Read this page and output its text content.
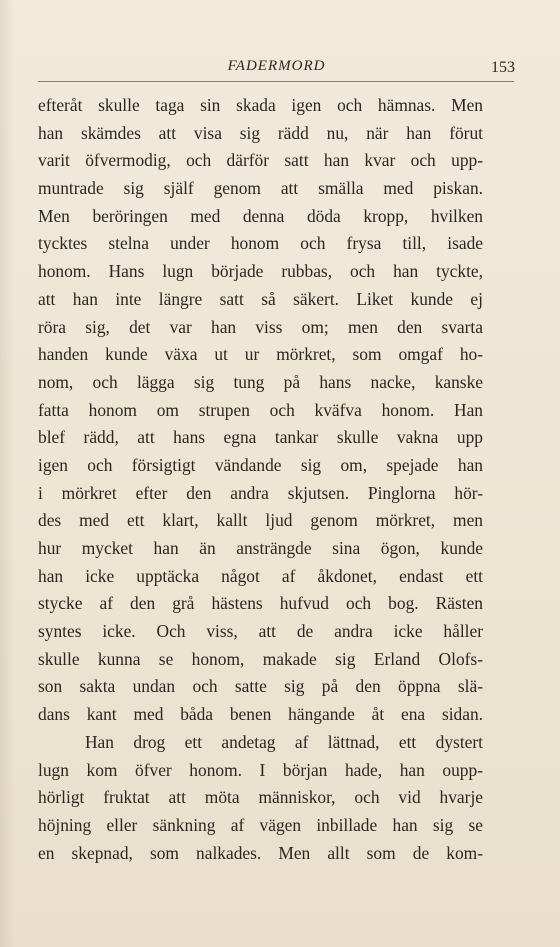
FADERMORD	153
efteråt skulle taga sin skada igen och hämnas. Men
han skämdes att visa sig rädd nu, när han förut
varit öfvermodig, och därför satt han kvar och upp-
muntrade sig själf genom att smälla med piskan.
Men beröringen med denna döda kropp, hvilken
tycktes stelna under honom och frysa till, isade
honom. Hans lugn började rubbas, och han tyckte,
att han inte längre satt så säkert. Liket kunde ej
röra sig, det var han viss om; men den svarta
handen kunde växa ut ur mörkret, som omgaf ho-
nom, och lägga sig tung på hans nacke, kanske
fatta honom om strupen och kväfva honom. Han
blef rädd, att hans egna tankar skulle vakna upp
igen och försigtigt vändande sig om, spejade han
i mörkret efter den andra skjutsen. Pinglorna hör-
des med ett klart, kallt ljud genom mörkret, men
hur mycket han än ansträngde sina ögon, kunde
han icke upptäcka något af åkdonet, endast ett
stycke af den grå hästens hufvud och bog. Rästen
syntes icke. Och viss, att de andra icke håller
skulle kunna se honom, makade sig Erland Olofs-
son sakta undan och satte sig på den öppna slä-
dans kant med båda benen hängande åt ena sidan.
Han drog ett andetag af lättnad, ett dystert
lugn kom öfver honom. I början hade, han oupp-
hörligt fruktat att möta människor, och vid hvarje
höjning eller sänkning af vägen inbillade han sig se
en skepnad, som nalkades. Men allt som de kom-
